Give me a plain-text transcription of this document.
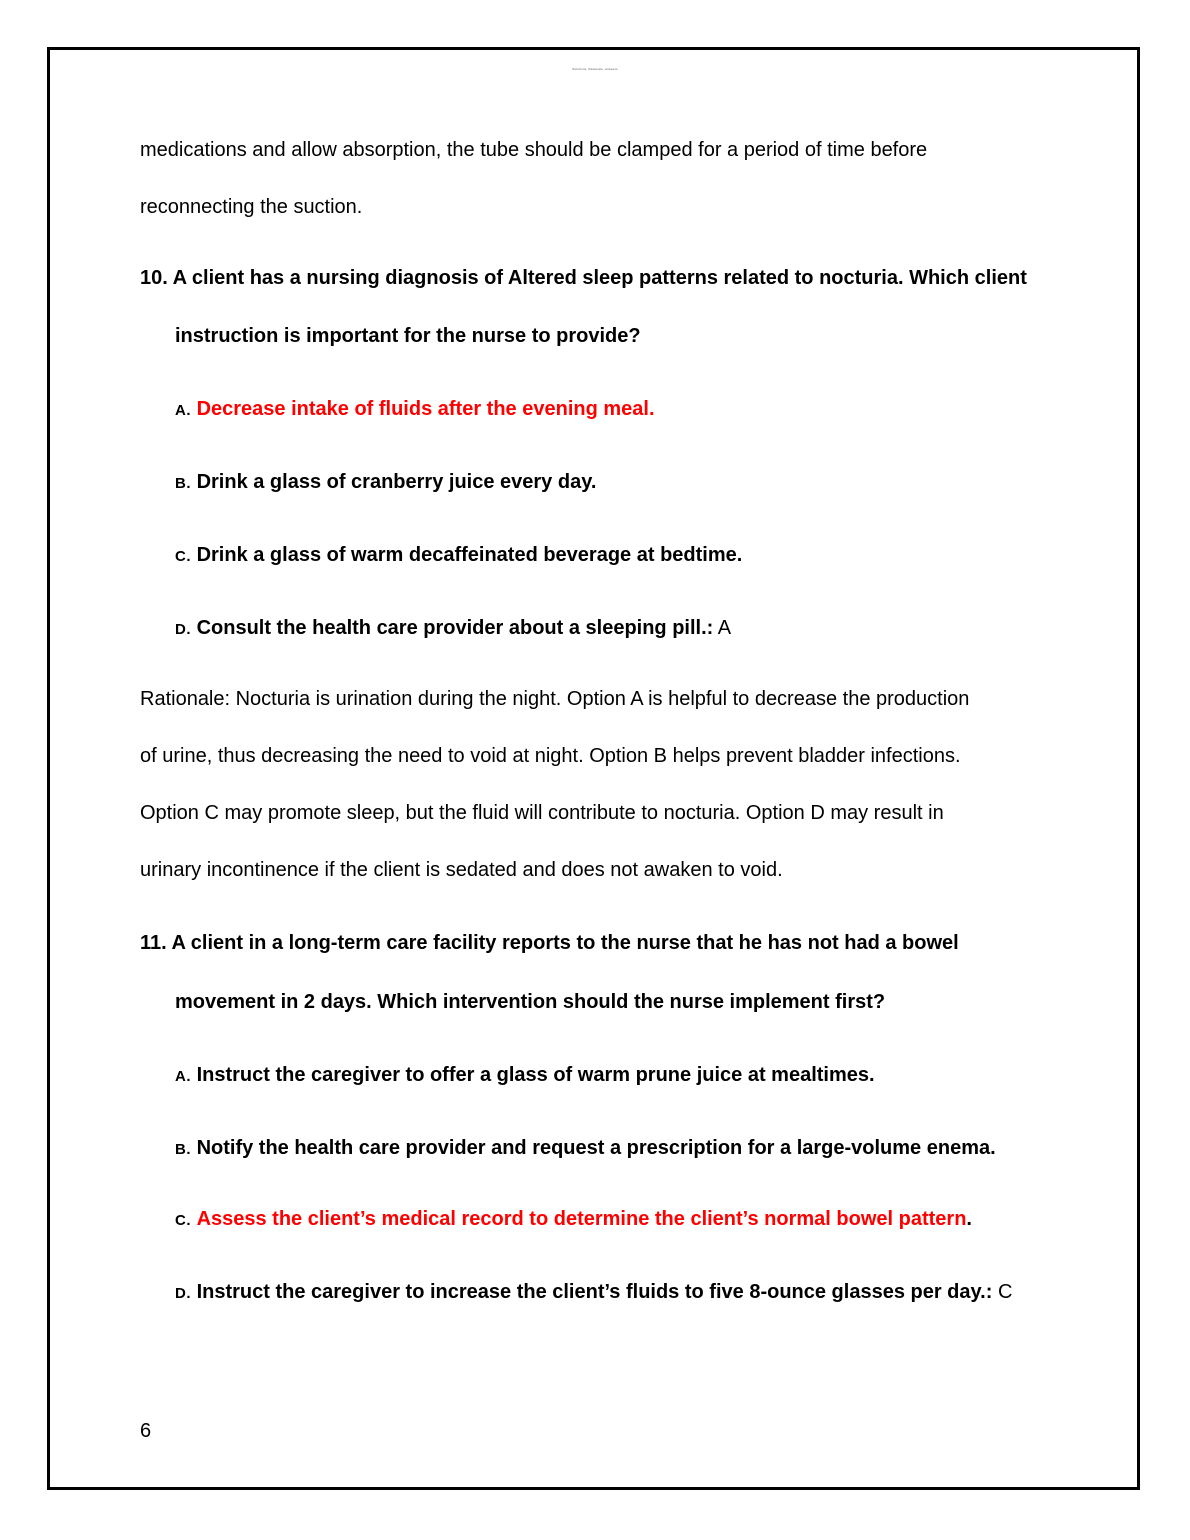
Solutions, Rationale, Answers
medications and allow absorption, the tube should be clamped for a period of time before
reconnecting the suction.
10. A client has a nursing diagnosis of Altered sleep patterns related to nocturia. Which client
instruction is important for the nurse to provide?
A. Decrease intake of fluids after the evening meal.
B. Drink a glass of cranberry juice every day.
C. Drink a glass of warm decaffeinated beverage at bedtime.
D. Consult the health care provider about a sleeping pill.: A
Rationale: Nocturia is urination during the night. Option A is helpful to decrease the production
of urine, thus decreasing the need to void at night. Option B helps prevent bladder infections.
Option C may promote sleep, but the fluid will contribute to nocturia. Option D may result in
urinary incontinence if the client is sedated and does not awaken to void.
11. A client in a long-term care facility reports to the nurse that he has not had a bowel
movement in 2 days. Which intervention should the nurse implement first?
A. Instruct the caregiver to offer a glass of warm prune juice at mealtimes.
B. Notify the health care provider and request a prescription for a large-volume enema.
C. Assess the client’s medical record to determine the client’s normal bowel pattern.
D. Instruct the caregiver to increase the client’s fluids to five 8-ounce glasses per day.: C
6
